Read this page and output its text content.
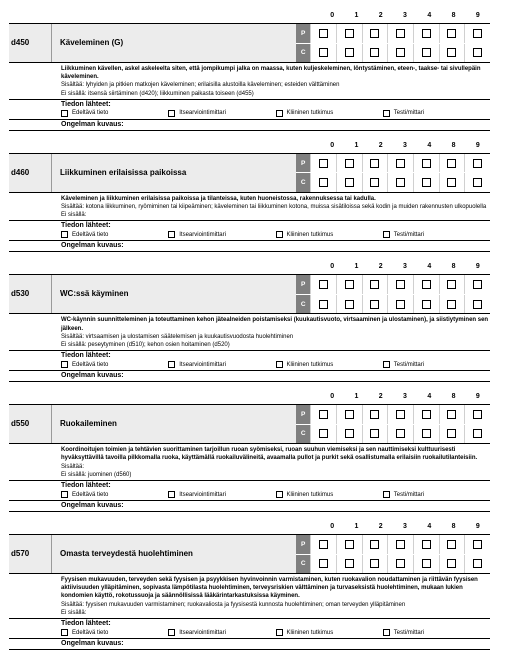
0	1	2	3	4	8	9
d450	Käveleminen (G)
P
C
Liikkuminen kävellen, askel askeleelta siten, että jompikumpi jalka on maassa, kuten kuljeskeleminen, löntystäminen, eteen-, taakse- tai sivullepäin käveleminen.
Sisältää: lyhyiden ja pitkien matkojen käveleminen; erilaisilla alustoilla käveleminen; esteiden välttäminen
Ei sisällä: itsensä siirtäminen (d420); liikkuminen paikasta toiseen (d455)
Tiedon lähteet:
Edeltävä tieto	Itsearviointimittari	Kliininen tutkimus	Testi/mittari
Ongelman kuvaus:
0	1	2	3	4	8	9
d460	Liikkuminen erilaisissa paikoissa
P
C
Käveleminen ja liikkuminen erilaisissa paikoissa ja tilanteissa, kuten huoneistossa, rakennuksessa tai kadulla.
Sisältää: kotona liikkuminen, ryömiminen tai kiipeäminen; käveleminen tai liikkuminen kotona, muissa sisätiloissa sekä kodin ja muiden rakennusten ulkopuolella
Ei sisällä:
Tiedon lähteet:
Edeltävä tieto	Itsearviointimittari	Kliininen tutkimus	Testi/mittari
Ongelman kuvaus:
0	1	2	3	4	8	9
d530	WC:ssä käyminen
P
C
WC-käynnin suunnitteleminen ja toteuttaminen kehon jätealneiden poistamiseksi (kuukautisvuoto, virtsaaminen ja ulostaminen), ja siistiytyminen sen jälkeen.
Sisältää: virtsaamisen ja ulostamisen säätelemisen ja kuukautisvuodosta huolehtiminen
Ei sisällä: peseytyminen (d510); kehon osien hoitaminen (d520)
Tiedon lähteet:
Edeltävä tieto	Itsearviointimittari	Kliininen tutkimus	Testi/mittari
Ongelman kuvaus:
0	1	2	3	4	8	9
d550	Ruokaileminen
P
C
Koordinoitujen toimien ja tehtävien suorittaminen tarjoillun ruoan syömiseksi, ruoan suuhun viemiseksi ja sen nauttimiseksi kulttuurisesti hyväksyttävillä tavoilla pilkkomalla ruoka, käyttämällä ruokailuvälineitä, avaamalla pullot ja purkit sekä osallistumalla erilaisiin ruokailutilanteisiin.
Sisältää:
Ei sisällä: juominen (d560)
Tiedon lähteet:
Edeltävä tieto	Itsearviointimittari	Kliininen tutkimus	Testi/mittari
Ongelman kuvaus:
0	1	2	3	4	8	9
d570	Omasta terveydestä huolehtiminen
P
C
Fyysisen mukavuuden, terveyden sekä fyysisen ja psyykkisen hyvinvoinnin varmistaminen, kuten ruokavalion noudattaminen ja riittävän fyysisen aktiivisuuden ylläpitäminen, sopivasta lämpötilasta huolehtiminen, terveysriskien välttäminen ja turvaseksistä huolehtiminen, mukaan lukien kondomien käyttö, rokotussuoja ja säännöllisissä lääkärintarkastuksissa käyminen.
Sisältää: fyysisen mukavuuden varmistaminen; ruokavaliosta ja fyysisestä kunnosta huolehtiminen; oman terveyden ylläpitäminen
Ei sisällä:
Tiedon lähteet:
Edeltävä tieto	Itsearviointimittari	Kliininen tutkimus	Testi/mittari
Ongelman kuvaus:
